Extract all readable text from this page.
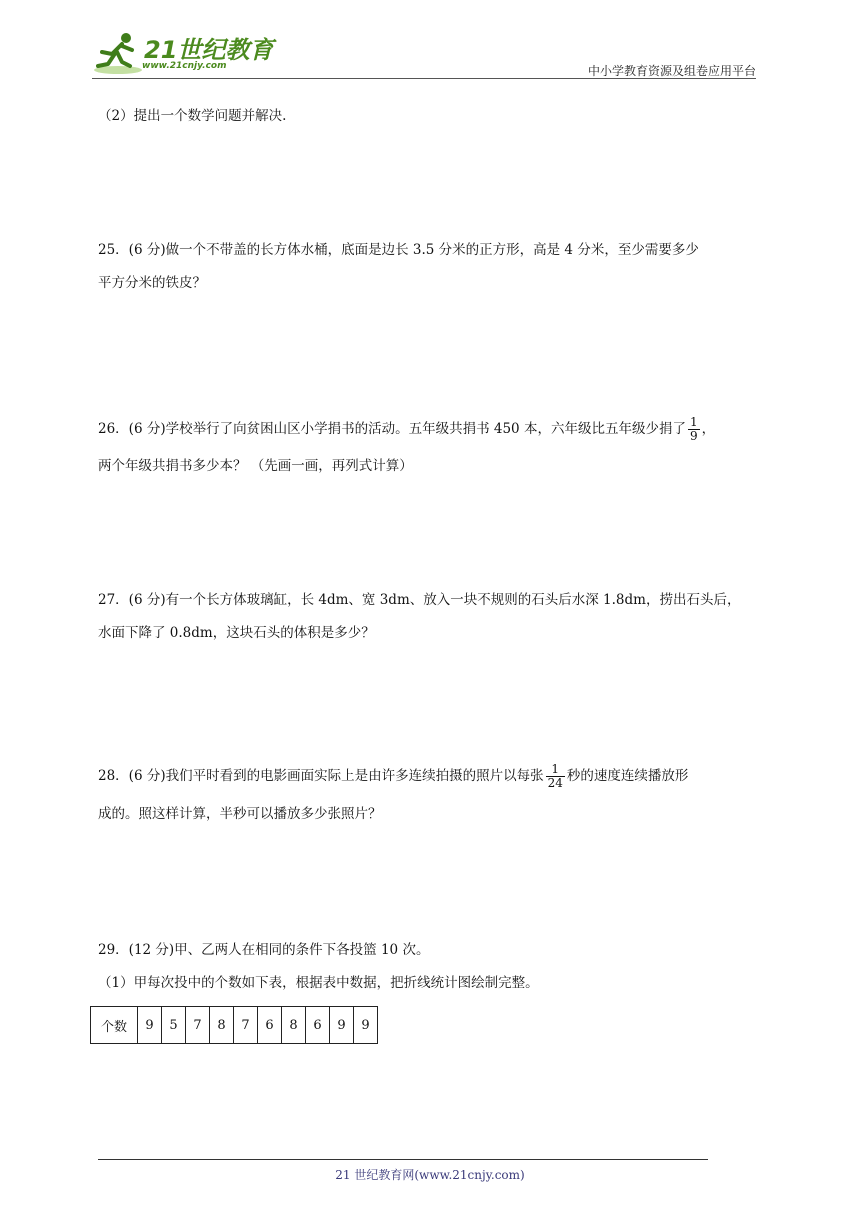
21世纪教育
www.21cnjy.com	中小学教育资源及组卷应用平台
（2）提出一个数学问题并解决.
25．(6 分)做一个不带盖的长方体水桶，底面是边长 3.5 分米的正方形，高是 4 分米，至少需要多少
平方分米的铁皮？
26．(6 分)学校举行了向贫困山区小学捐书的活动。五年级共捐书 450 本，六年级比五年级少捐了 $\frac{1}{9}$ ，
两个年级共捐书多少本？ （先画一画，再列式计算）
27．(6 分)有一个长方体玻璃缸，长 4dm、宽 3dm、放入一块不规则的石头后水深 1.8dm，捞出石头后，
水面下降了 0.8dm，这块石头的体积是多少？
28．(6 分)我们平时看到的电影画面实际上是由许多连续拍摄的照片以每张 $\frac{1}{24}$ 秒的速度连续播放形
成的。照这样计算，半秒可以播放多少张照片？
29．(12 分)甲、乙两人在相同的条件下各投篮 10 次。
（1）甲每次投中的个数如下表，根据表中数据，把折线统计图绘制完整。
个数	9	5	7	8	7	6	8	6	9	9
21 世纪教育网(www.21cnjy.com)
